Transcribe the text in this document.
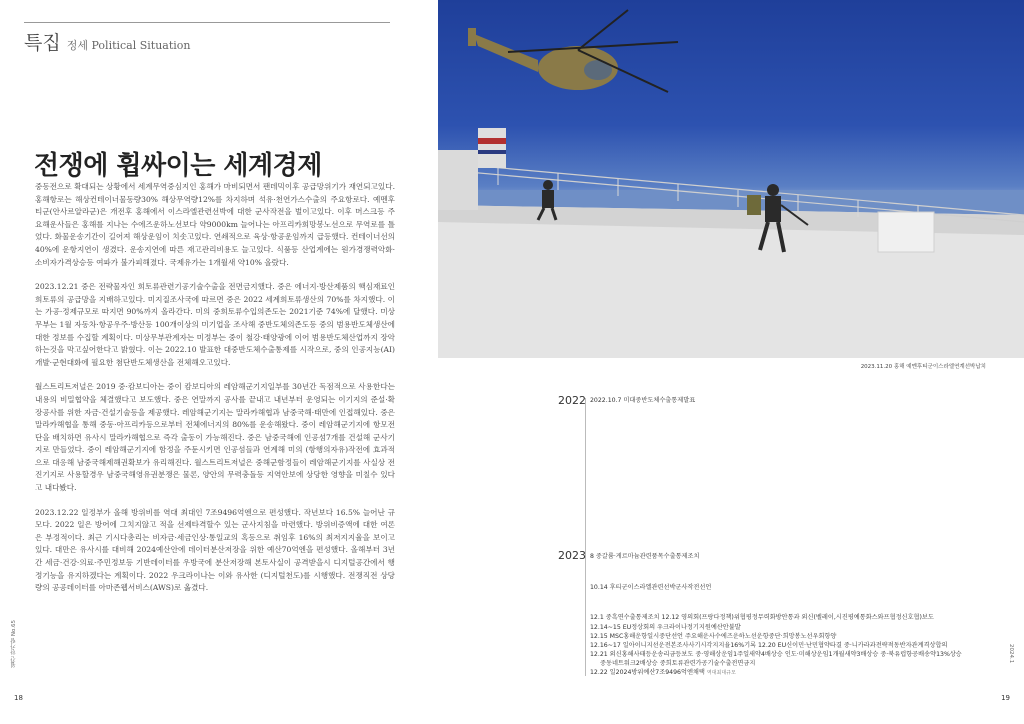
특집 정세 Political Situation
전쟁에 휩싸이는 세계경제

중동전으로 확대되는 상황에서 세계무역중심지인 홍해가 마비되면서 팬데믹이후 공급망위기가 재연되고있다. 홍해항로는 해상컨테이너물동량30% 해상무역량12%를 차지하며 석유·천연가스수출의 주요항로다. 예멘후티군(안사르알라군)은 개전후 홍해에서 이스라엘관련선박에 대한 군사작전을 벌이고있다. 이후 머스크등 주요해운사들은 홍해를 지나는 수에즈운하노선보다 약9000km 늘어나는 아프리카희망봉노선으로 무역로를 틀었다. 화물운송기간이 길어져 해상운임이 치솟고있다. 연쇄적으로 육상·항공운임까지 급등했다. 컨테이너선의 40%에 운항지연이 생겼다. 운송지연에 따른 재고관리비용도 늘고있다. 식품등 산업계에는 원가경쟁력악화·소비자가격상승등 여파가 불가피해졌다. 국제유가는 1개월새 약10% 올랐다.

2023.12.21 중은 전략물자인 희토류관련기공기술수출을 전면금지했다. 중은 에너지·방산제품의 핵심재료인 희토류의 공급망을 지배하고있다. 미지질조사국에 따르면 중은 2022 세계희토류생산의 70%를 차지했다. 이는 가공·정제규모로 따지면 90%까지 올라간다. 미의 중희토류수입의존도는 2021기준 74%에 달했다. 미상무부는 1월 자동차·항공우주·방산등 100개이상의 미기업을 조사해 중반도체의존도등 중의 범용반도체생산에 대한 정보를 수집할 계획이다. 미상무부관계자는 미정부는 중이 철강·태양광에 이어 범용반도체산업까지 장악하는것을 막고싶어한다고 밝혔다. 이는 2022.10 발표한 대중반도체수출통제를 시작으로, 중의 인공지능(AI)개발·군현대화에 필요한 첨단반도체생산을 전체해오고있다.

월스트리트저널은 2019 중·캄보디아는 중이 캄보디아의 레암해군기지일부를 30년간 독점적으로 사용한다는 내용의 비밀협약을 체결했다고 보도했다. 중은 연말까지 공사를 끝내고 내년부터 운영되는 이기지의 준설·확장공사를 위한 자금·건설기술등을 제공했다. 레암해군기지는 말라카해협과 남중국해·태만에 인접해있다. 중은 말라카해협을 통해 중동·아프리카등으로부터 전체에너지의 80%를 운송해왔다. 중이 레암해군기지에 항모전단을 배치하면 유사시 말라카해협으로 즉각 출동이 가능해진다. 중은 남중국해에 인공섬7개를 건설해 군사기지로 만들었다. 중이 레암해군기지에 함정을 주둔시키면 인공섬들과 연계해 미의 (항행의자유)작전에 효과적으로 대응해 남중국해제해권확보가 유리해진다. 월스트리트저널은 중해군함정들이 레암해군기지를 사실상 전진기지로 사용할경우 남중국해영유권분쟁은 물론, 양안의 무력충돌등 지역안보에 상당한 영향을 미칠수 있다고 내다봤다.

2023.12.22 일정부가 올해 방위비를 역대 최대인 7조9496억엔으로 편성했다. 작년보다 16.5% 늘어난 규모다. 2022 일은 방어에 그치지않고 적을 선제타격할수 있는 군사지침을 마련했다. 방위비증액에 대한 여론은 부정적이다. 최근 기시다총리는 비자금·세금인상·통일교의 혹등으로 취임후 16%의 최저지지율을 보이고있다. 대만은 유사시를 대비해 2024예산안에 데이터분산저장을 위한 예산70억엔을 편성했다. 올해부터 3년간 세금·건강·의료·주민정보등 기반데이터를 우방국에 분산저장해 본토사실이 공격받을시 디지털공간에서 행정기능을 유지하겠다는 계획이다. 2022 우크라이나는 이와 유사한 (디지털천도)를 시행했다. 전쟁직전 상당량의 공공데이터를 아마존웹서비스(AWS)로 옮겼다.

월간 한가람 No.65
18
2023.11.20 홍해 예멘후티군이스라엘연계선박납치
2022 2022.10.7 미대중반도체수출통제발표
2023 8 중갈륨·게르마늄관련품목수출통제조치
10.14 후티군이스라엘관련선박군사작전선언
12.1 중흑연수출통제조치 12.12 영의회(프랑다정책)위협평정무력화방안통과 외신(벨레이,시진평예통화스와프협정신호협)보도
12.14~15 EU정상회의 우크라이나정기지원예산안불발
12.15 MSC홍해운항일시중단선언 주요해운사수에즈운하노선운항중단·희망봉노선우회항양
12.16~17 일아이니지선운전본조사사기시각지지율16%기록 12.20 EU신이민·난민협약타결 중·니카라과전략적동반자관계격상합의
12.21 외신홍해사태등운송리금등보도 중·영해상운임1주일새약4배상승 인도·미해상운임1개월새약3배상승 중·북유럽항공배송약13%상승
중동네트워크2배상승 중희토류관련가공기술수출전면금지
12.22 일2024방위예산7조9496억엔채택 역대최대규모
2024.1
19
